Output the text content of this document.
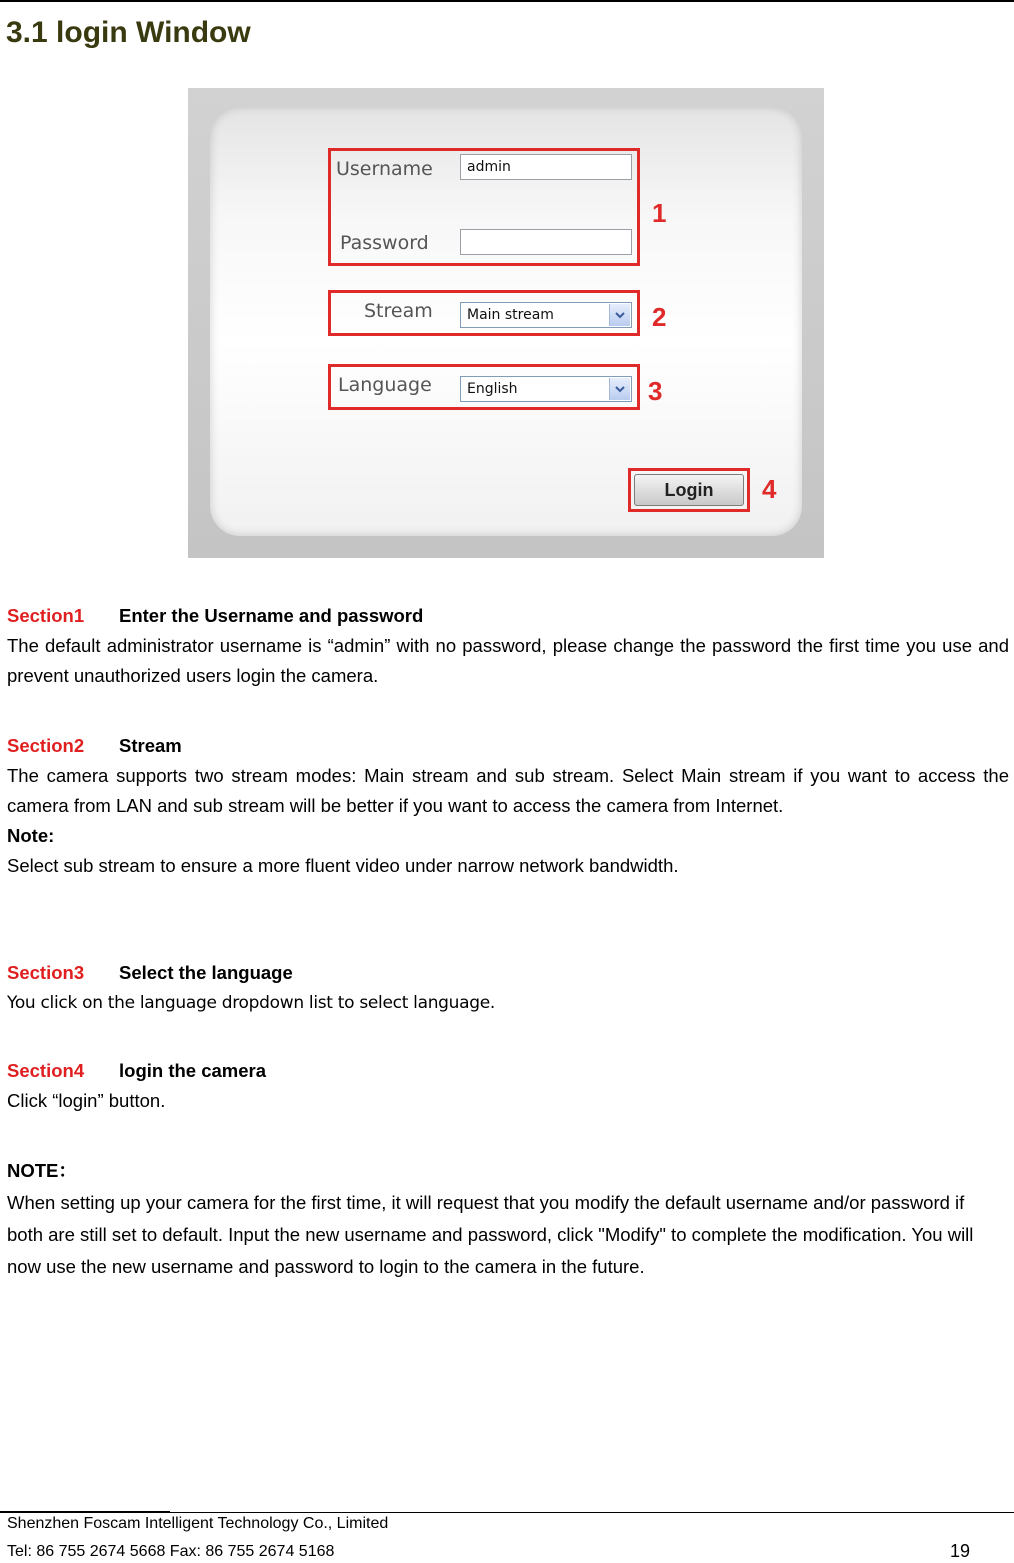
3.1 login Window
Username	admin
Password
1
Stream Main stream	2
Language	English	3
Login	4
Section1 Enter the Username and password
The default administrator username is “admin” with no password, please change the password the first time you use and prevent unauthorized users login the camera.
Section2 Stream
The camera supports two stream modes: Main stream and sub stream. Select Main stream if you want to access the camera from LAN and sub stream will be better if you want to access the camera from Internet.
Note:
Select sub stream to ensure a more fluent video under narrow network bandwidth.
Section3 Select the language
You click on the language dropdown list to select language.
Section4 login the camera
Click “login” button.
NOTE：
When setting up your camera for the first time, it will request that you modify the default username and/or password if both are still set to default. Input the new username and password, click "Modify" to complete the modification. You will now use the new username and password to login to the camera in the future.
Shenzhen Foscam Intelligent Technology Co., Limited
Tel: 86 755 2674 5668 Fax: 86 755 2674 5168	19
